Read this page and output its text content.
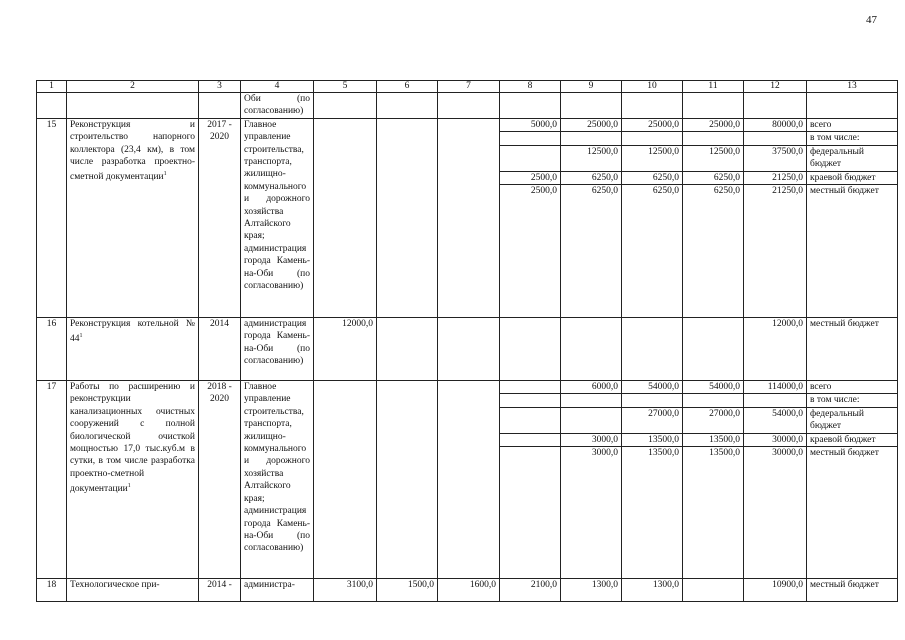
47
1	2	3	4	5	6	7	8	9	10	11	12	13
			Оби (по согласованию)									
15	Реконструкция и строительство напорного коллектора (23,4 км), в том числе разработка проектно-сметной документации$^1$	2017 - 2020	Главное управление строительства, транспорта, жилищно-коммунального и дорожного хозяйства Алтайского края; администрация города Камень-на-Оби (по согласованию)				5000,0	25000,0	25000,0	25000,0	80000,0	всего
												в том числе:
								12500,0	12500,0	12500,0	37500,0	федеральный бюджет
							2500,0	6250,0	6250,0	6250,0	21250,0	краевой бюджет
							2500,0	6250,0	6250,0	6250,0	21250,0	местный бюджет
16	Реконструкция котельной № $44^1$	2014	администрация города Камень-на-Оби (по согласованию)	12000,0							12000,0	местный бюджет
17	Работы по расширению и реконструкции канализационных очистных сооружений с полной биологической очисткой мощностью 17,0 тыс.куб.м в сутки, в том числе разработка проектно-сметной документации$^1$	2018 - 2020	Главное управление строительства, транспорта, жилищно-коммунального и дорожного хозяйства Алтайского края; администрация города Камень-на-Оби (по согласованию)					6000,0	54000,0	54000,0	114000,0	всего
												в том числе:
									27000,0	27000,0	54000,0	федеральный бюджет
								3000,0	13500,0	13500,0	30000,0	краевой бюджет
								3000,0	13500,0	13500,0	30000,0	местный бюджет
18	Технологическое при-	2014 -	администра-	3100,0	1500,0	1600,0	2100,0	1300,0	1300,0		10900,0	местный бюджет
